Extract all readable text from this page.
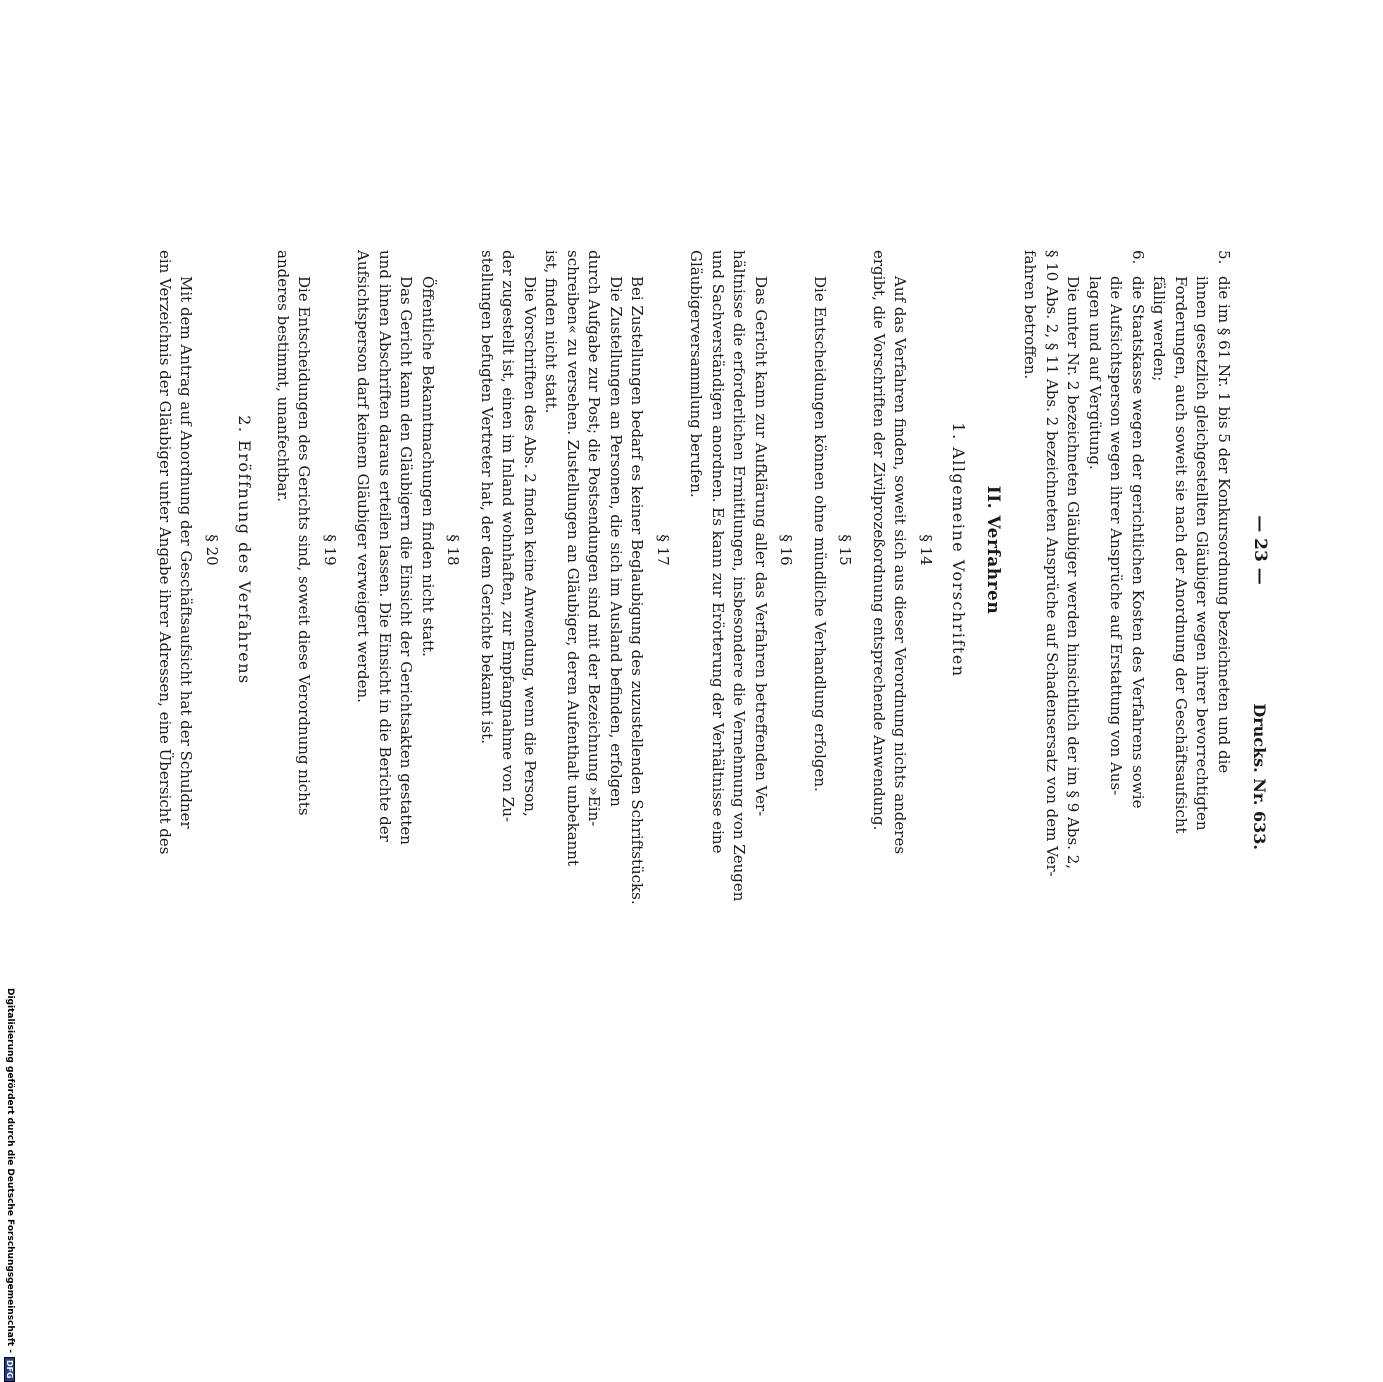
— 23 —
Drucks. Nr. 633.
5.
die im § 61 Nr. 1 bis 5 der Konkursordnung bezeichneten und die
ihnen gesetzlich gleichgestellten Gläubiger wegen ihrer bevorrechtigten
Forderungen, auch soweit sie nach der Anordnung der Geschäftsaufsicht
fällig werden;
6.
die Staatskasse wegen der gerichtlichen Kosten des Verfahrens sowie
die Aufsichtsperson wegen ihrer Ansprüche auf Erstattung von Aus-
lagen und auf Vergütung.
Die unter Nr. 2 bezeichneten Gläubiger werden hinsichtlich der im § 9 Abs. 2,
§ 10 Abs. 2, § 11 Abs. 2 bezeichneten Ansprüche auf Schadensersatz von dem Ver-
fahren betroffen.
II. Verfahren
1. Allgemeine Vorschriften
§ 14
Auf das Verfahren finden, soweit sich aus dieser Verordnung nichts anderes
ergibt, die Vorschriften der Zivilprozeßordnung entsprechende Anwendung.
§ 15
Die Entscheidungen können ohne mündliche Verhandlung erfolgen.
§ 16
Das Gericht kann zur Aufklärung aller das Verfahren betreffenden Ver-
hältnisse die erforderlichen Ermittlungen, insbesondere die Vernehmung von Zeugen
und Sachverständigen anordnen. Es kann zur Erörterung der Verhältnisse eine
Gläubigerversammlung berufen.
§ 17
Bei Zustellungen bedarf es keiner Beglaubigung des zuzustellenden Schriftstücks.
Die Zustellungen an Personen, die sich im Ausland befinden, erfolgen
durch Aufgabe zur Post; die Postsendungen sind mit der Bezeichnung »Ein-
schreiben« zu versehen. Zustellungen an Gläubiger, deren Aufenthalt unbekannt
ist, finden nicht statt.
Die Vorschriften des Abs. 2 finden keine Anwendung, wenn die Person,
der zugestellt ist, einen im Inland wohnhaften, zur Empfangnahme von Zu-
stellungen befugten Vertreter hat, der dem Gerichte bekannt ist.
§ 18
Öffentliche Bekanntmachungen finden nicht statt.
Das Gericht kann den Gläubigern die Einsicht der Gerichtsakten gestatten
und ihnen Abschriften daraus erteilen lassen. Die Einsicht in die Berichte der
Aufsichtsperson darf keinem Gläubiger verweigert werden.
§ 19
Die Entscheidungen des Gerichts sind, soweit diese Verordnung nichts
anderes bestimmt, unanfechtbar.
2. Eröffnung des Verfahrens
§ 20
Mit dem Antrag auf Anordnung der Geschäftsaufsicht hat der Schuldner
ein Verzeichnis der Gläubiger unter Angabe ihrer Adressen, eine Übersicht des
Digitalisierung gefördert durch die Deutsche Forschungsgemeinschaft -
DFG
